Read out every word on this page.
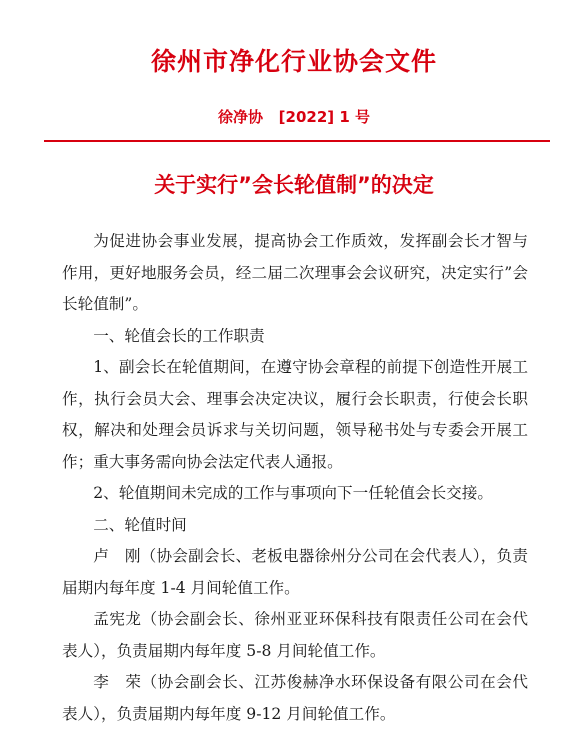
徐州市净化行业协会文件
徐净协   [2022] 1 号
关于实行”会长轮值制”的决定

为促进协会事业发展，提高协会工作质效，发挥副会长才智与作用，更好地服务会员，经二届二次理事会会议研究，决定实行”会长轮值制”。

一、轮值会长的工作职责

1、副会长在轮值期间，在遵守协会章程的前提下创造性开展工作，执行会员大会、理事会决定决议，履行会长职责，行使会长职权，解决和处理会员诉求与关切问题，领导秘书处与专委会开展工作；重大事务需向协会法定代表人通报。

2、轮值期间未完成的工作与事项向下一任轮值会长交接。

二、轮值时间

卢　刚（协会副会长、老板电器徐州分公司在会代表人），负责届期内每年度 1-4 月间轮值工作。

孟宪龙（协会副会长、徐州亚亚环保科技有限责任公司在会代表人），负责届期内每年度 5-8 月间轮值工作。

李　荣（协会副会长、江苏俊赫净水环保设备有限公司在会代表人），负责届期内每年度 9-12 月间轮值工作。
